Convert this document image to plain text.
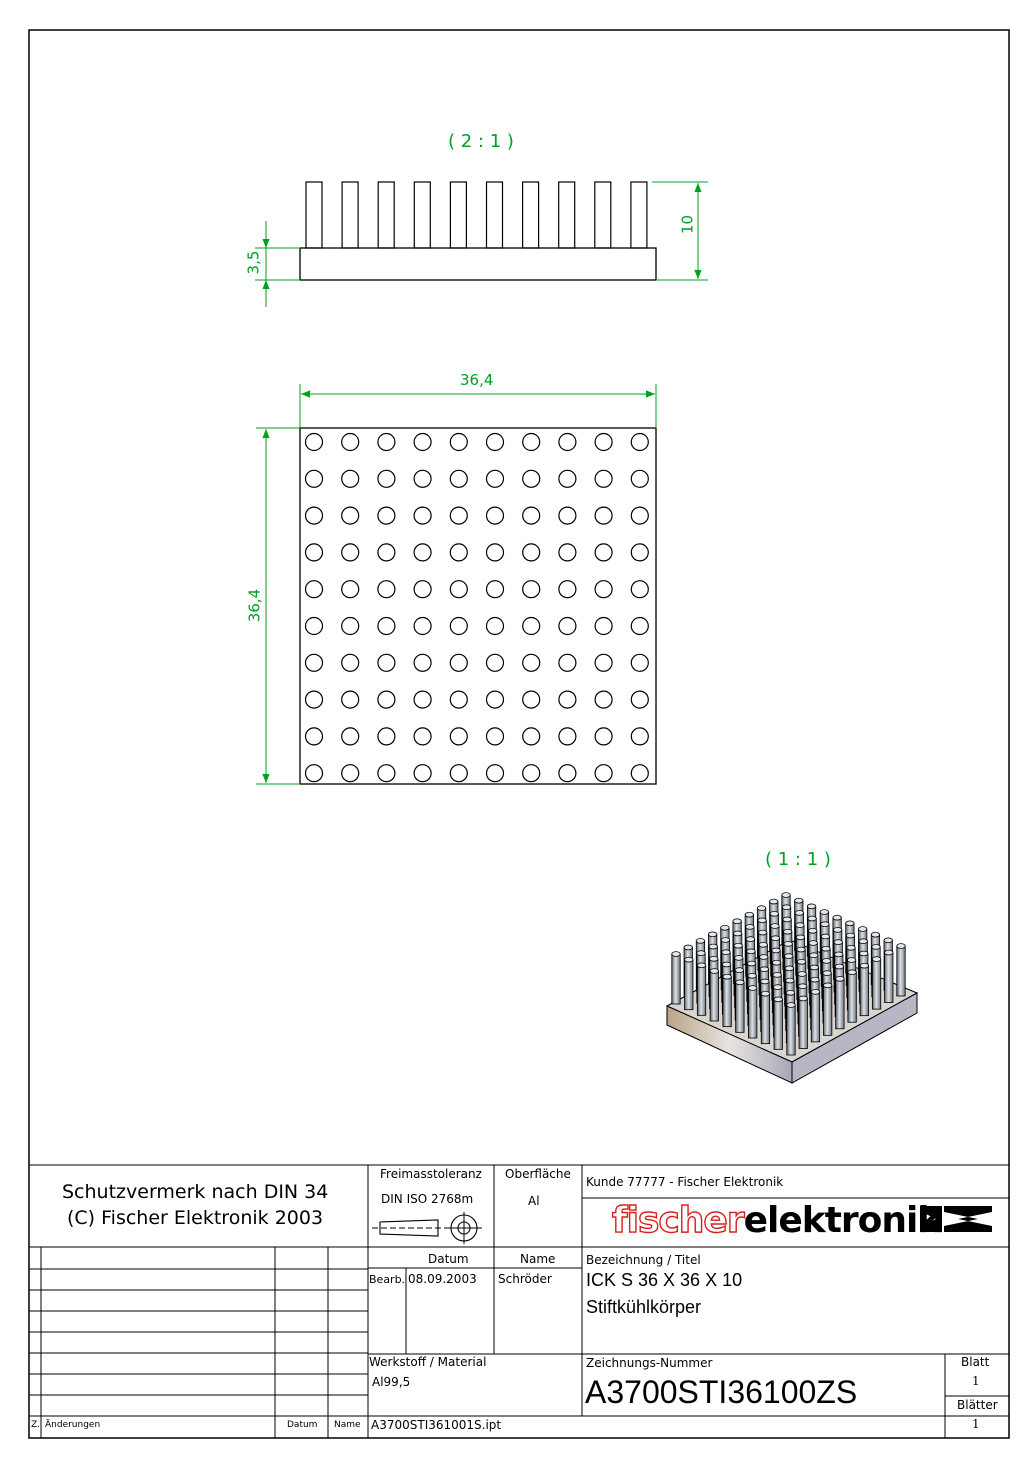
( 2 : 1 )
( 1 : 1 )
3,5
10
36,4
36,4
Schutzvermerk nach DIN 34
(C) Fischer Elektronik 2003
Freimasstoleranz
DIN ISO 2768m
Oberfläche
Al
Kunde 77777 - Fischer Elektronik
fischerelektronik
Datum	Name
Bearb. 08.09.2003 Schröder
Bezeichnung / Titel
ICK S 36 X 36 X 10
Stiftkühlkörper
Werkstoff / Material
Al99,5
Zeichnungs-Nummer
A3700STI36100ZS
Blatt
1
Blätter
1
Z. Änderungen	Datum Name A3700STI361001S.ipt
